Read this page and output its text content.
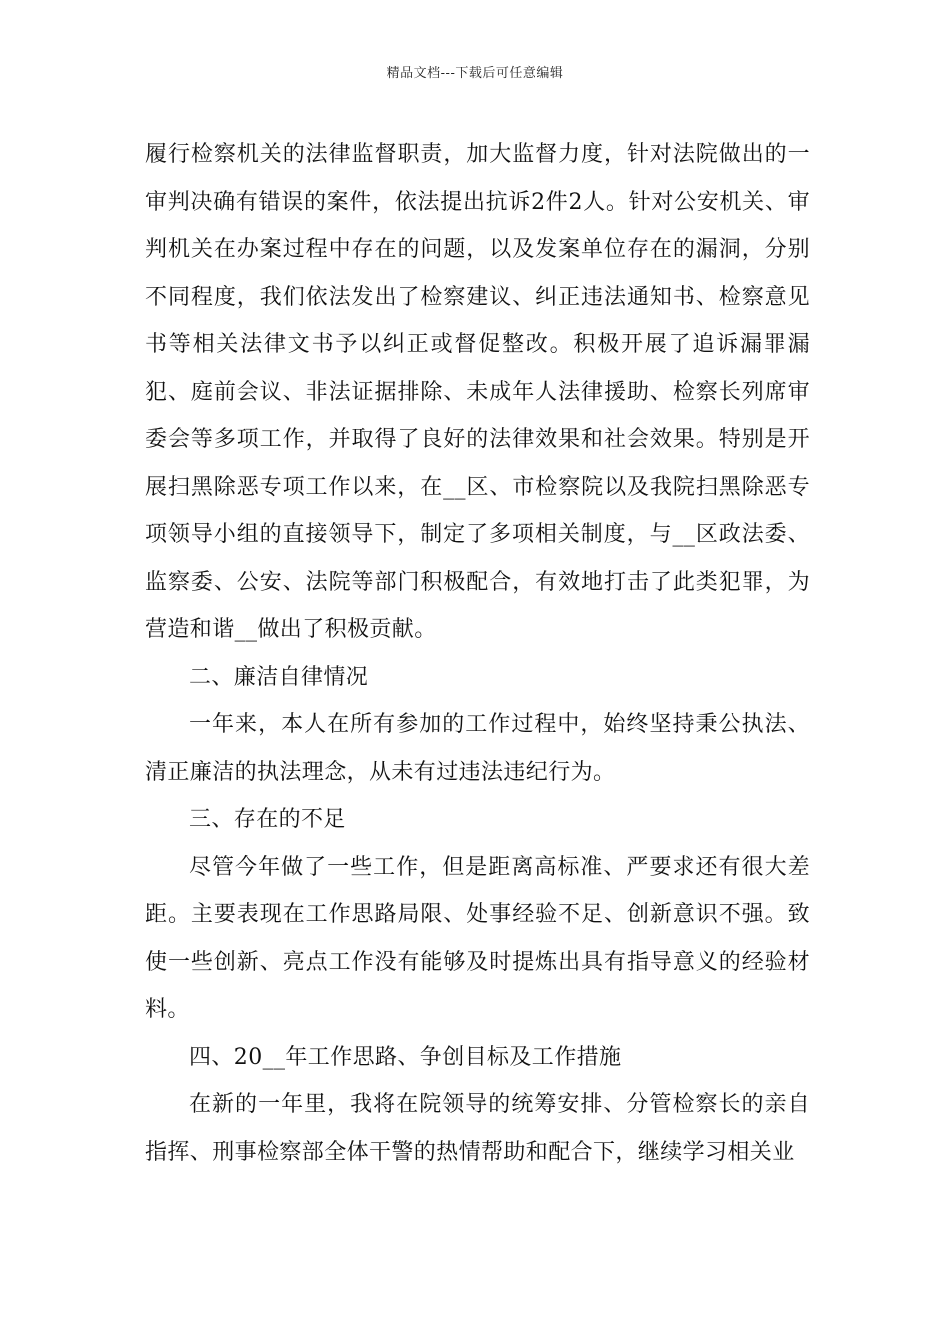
精品文档---下载后可任意编辑

履行检察机关的法律监督职责，加大监督力度，针对法院做出的一审判决确有错误的案件，依法提出抗诉2件2人。针对公安机关、审判机关在办案过程中存在的问题，以及发案单位存在的漏洞，分别不同程度，我们依法发出了检察建议、纠正违法通知书、检察意见书等相关法律文书予以纠正或督促整改。积极开展了追诉漏罪漏犯、庭前会议、非法证据排除、未成年人法律援助、检察长列席审委会等多项工作，并取得了良好的法律效果和社会效果。特别是开展扫黑除恶专项工作以来，在__区、市检察院以及我院扫黑除恶专项领导小组的直接领导下，制定了多项相关制度，与__区政法委、监察委、公安、法院等部门积极配合，有效地打击了此类犯罪，为营造和谐__做出了积极贡献。

二、廉洁自律情况

一年来，本人在所有参加的工作过程中，始终坚持秉公执法、清正廉洁的执法理念，从未有过违法违纪行为。

三、存在的不足

尽管今年做了一些工作，但是距离高标准、严要求还有很大差距。主要表现在工作思路局限、处事经验不足、创新意识不强。致使一些创新、亮点工作没有能够及时提炼出具有指导意义的经验材料。

四、20__年工作思路、争创目标及工作措施

在新的一年里，我将在院领导的统筹安排、分管检察长的亲自指挥、刑事检察部全体干警的热情帮助和配合下，继续学习相关业
